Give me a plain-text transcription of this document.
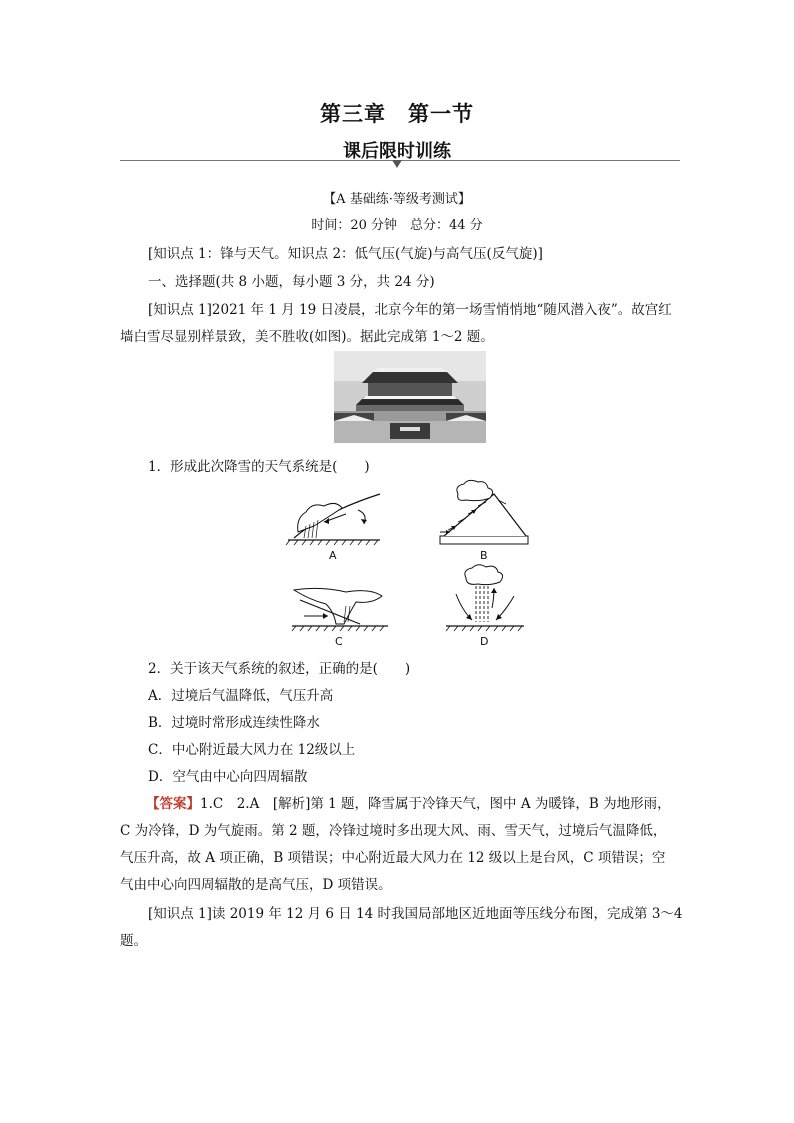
第三章 第一节
课后限时训练
【A 基础练·等级考测试】
时间：20 分钟　总分：44 分
[知识点 1：锋与天气。知识点 2：低气压(气旋)与高气压(反气旋)]
一、选择题(共 8 小题，每小题 3 分，共 24 分)
[知识点 1]2021 年 1 月 19 日凌晨，北京今年的第一场雪悄悄地“随风潜入夜”。故宫红
墙白雪尽显别样景致，美不胜收(如图)。据此完成第 1～2 题。
1．形成此次降雪的天气系统是(　　)
A	B
C	D
2．关于该天气系统的叙述，正确的是(　　)
A．过境后气温降低，气压升高
B．过境时常形成连续性降水
C．中心附近最大风力在 12级以上
D．空气由中心向四周辐散
【答案】1.C　2.A　[解析]第 1 题，降雪属于冷锋天气，图中 A 为暖锋，B 为地形雨，
C 为冷锋，D 为气旋雨。第 2 题，冷锋过境时多出现大风、雨、雪天气，过境后气温降低，
气压升高，故 A 项正确，B 项错误；中心附近最大风力在 12 级以上是台风，C 项错误；空
气由中心向四周辐散的是高气压，D 项错误。
[知识点 1]读 2019 年 12 月 6 日 14 时我国局部地区近地面等压线分布图，完成第 3～4
题。
